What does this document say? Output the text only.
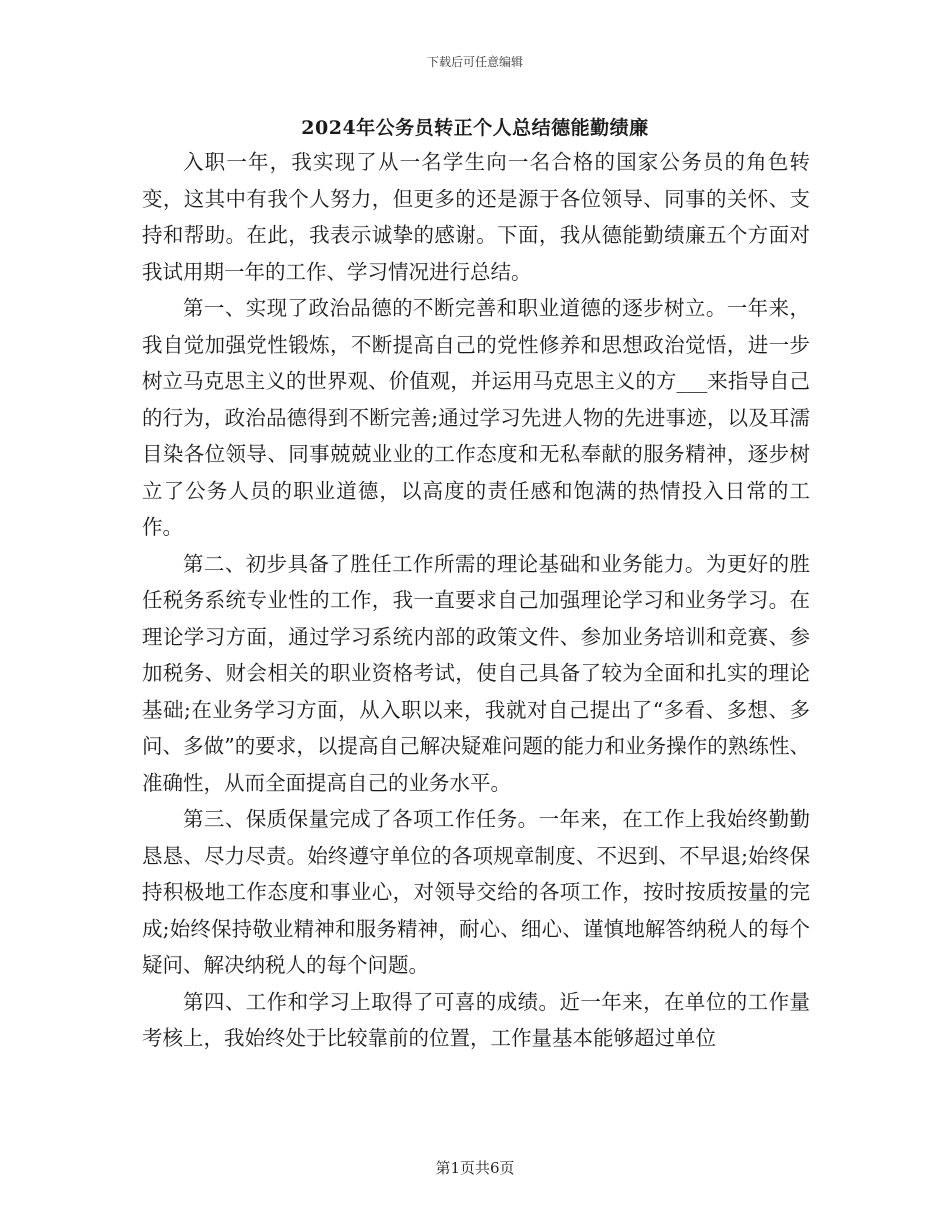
下载后可任意编辑
2024年公务员转正个人总结德能勤绩廉

入职一年，我实现了从一名学生向一名合格的国家公务员的角色转变，这其中有我个人努力，但更多的还是源于各位领导、同事的关怀、支持和帮助。在此，我表示诚挚的感谢。下面，我从德能勤绩廉五个方面对我试用期一年的工作、学习情况进行总结。

第一、实现了政治品德的不断完善和职业道德的逐步树立。一年来，我自觉加强党性锻炼，不断提高自己的党性修养和思想政治觉悟，进一步树立马克思主义的世界观、价值观，并运用马克思主义的方___来指导自己的行为，政治品德得到不断完善;通过学习先进人物的先进事迹，以及耳濡目染各位领导、同事兢兢业业的工作态度和无私奉献的服务精神，逐步树立了公务人员的职业道德，以高度的责任感和饱满的热情投入日常的工作。

第二、初步具备了胜任工作所需的理论基础和业务能力。为更好的胜任税务系统专业性的工作，我一直要求自己加强理论学习和业务学习。在理论学习方面，通过学习系统内部的政策文件、参加业务培训和竞赛、参加税务、财会相关的职业资格考试，使自己具备了较为全面和扎实的理论基础;在业务学习方面，从入职以来，我就对自己提出了“多看、多想、多问、多做”的要求，以提高自己解决疑难问题的能力和业务操作的熟练性、准确性，从而全面提高自己的业务水平。

第三、保质保量完成了各项工作任务。一年来，在工作上我始终勤勤恳恳、尽力尽责。始终遵守单位的各项规章制度、不迟到、不早退;始终保持积极地工作态度和事业心，对领导交给的各项工作，按时按质按量的完成;始终保持敬业精神和服务精神，耐心、细心、谨慎地解答纳税人的每个疑问、解决纳税人的每个问题。

第四、工作和学习上取得了可喜的成绩。近一年来，在单位的工作量考核上，我始终处于比较靠前的位置，工作量基本能够超过单位

第1页共6页
